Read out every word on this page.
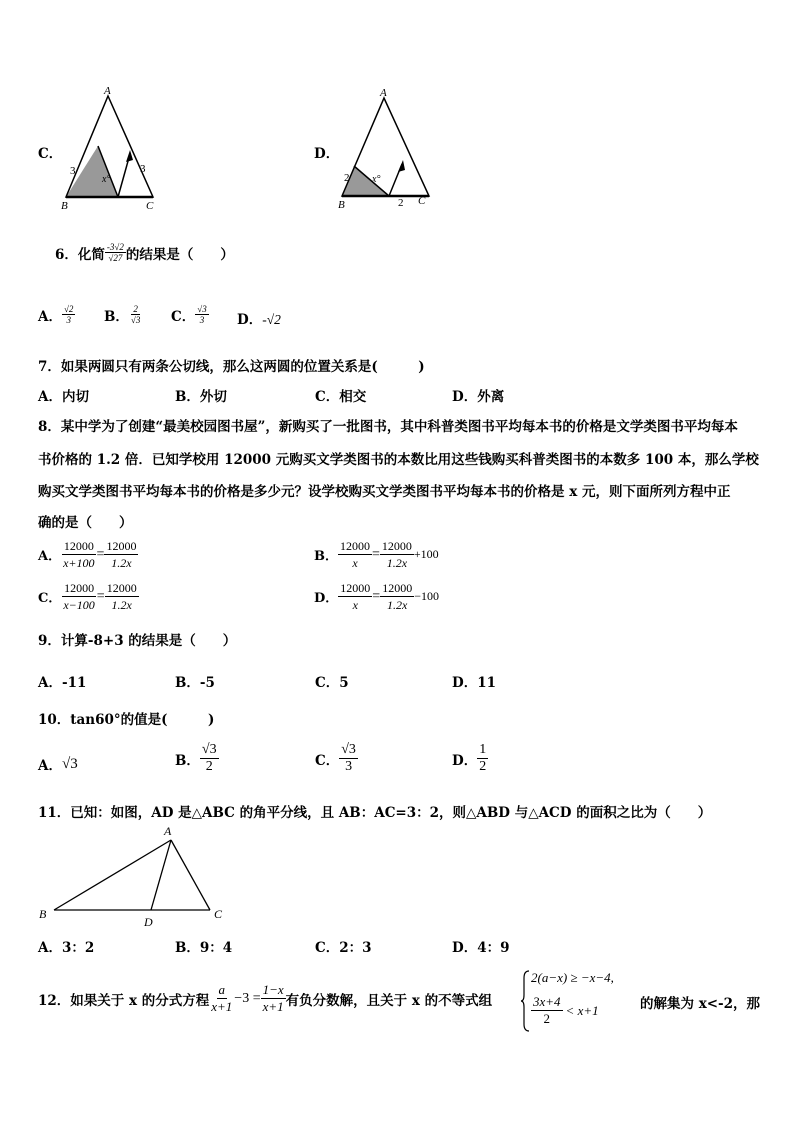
C．
A
B	C
3	3
x°
D．
A
B	C
2
2
x°
6．化简 $\frac{-3√2}{√27}$ 的结果是（　　）
A． $\frac{√2}{3}$ B． $\frac{2}{√3}$ C． $\frac{√3}{3}$ D．-√2
7．如果两圆只有两条公切线，那么这两圆的位置关系是(　　　)
A．内切	B．外切	C．相交	D．外离
8．某中学为了创建“最美校园图书屋”，新购买了一批图书，其中科普类图书平均每本书的价格是文学类图书平均每本
书价格的 1.2 倍．已知学校用 12000 元购买文学类图书的本数比用这些钱购买科普类图书的本数多 100 本，那么学校
购买文学类图书平均每本书的价格是多少元？设学校购买文学类图书平均每本书的价格是 x 元，则下面所列方程中正
确的是（　　）
A． $\frac{12000}{x+100} = \frac{12000}{1.2x}$	B． $\frac{12000}{x} = \frac{12000}{1.2x} +100$
C． $\frac{12000}{x-100} = \frac{12000}{1.2x}$	D． $\frac{12000}{x} = \frac{12000}{1.2x} -100$
9．计算-8+3 的结果是（　　）
A．-11	B．-5	C．5	D．11
10．tan60°的值是(　　　)
A． √3	B． $\frac{√3}{2}$	C． $\frac{√3}{3}$	D． $\frac{1}{2}$
11．已知：如图，AD 是△ABC 的角平分线，且 AB：AC=3：2，则△ABD 与△ACD 的面积之比为（　　）
A
B	C
D
A．3：2	B．9：4	C．2：3	D．4：9
12．如果关于 x 的分式方程 $\frac{a}{x+1} -3 = \frac{1-x}{x+1}$ 有负分数解，且关于 x 的不等式组
2(a−x) ≥ −x−4,
$\frac{3x+4}{2} < x+1$	的解集为 x<-2，那
